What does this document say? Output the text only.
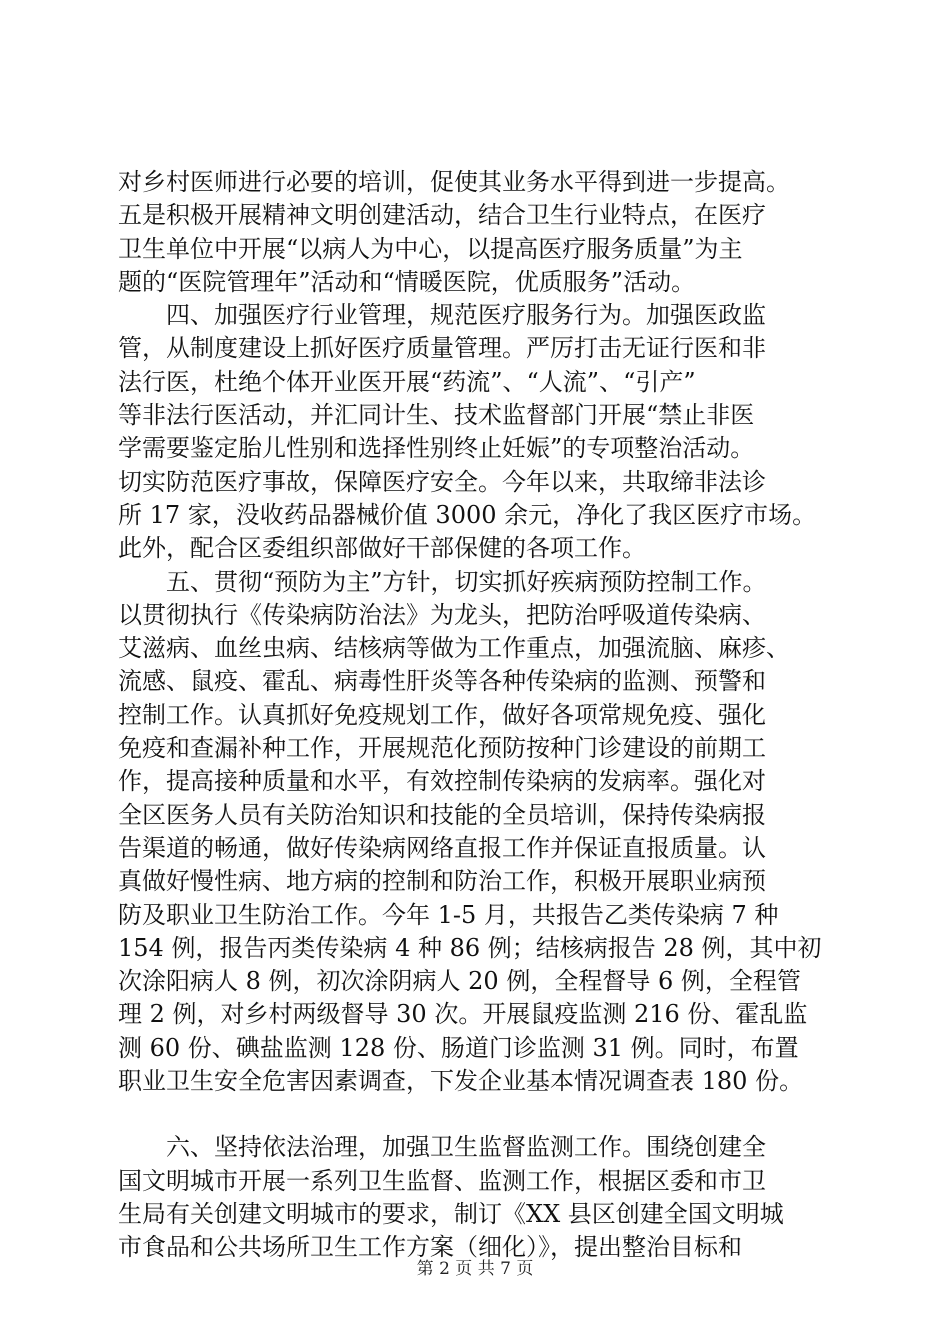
对乡村医师进行必要的培训，促使其业务水平得到进一步提高。
五是积极开展精神文明创建活动，结合卫生行业特点，在医疗
卫生单位中开展“以病人为中心，以提高医疗服务质量”为主
题的“医院管理年”活动和“情暖医院，优质服务”活动。

　　四、加强医疗行业管理，规范医疗服务行为。加强医政监
管，从制度建设上抓好医疗质量管理。严厉打击无证行医和非
法行医，杜绝个体开业医开展“药流”、“人流”、“引产”
等非法行医活动，并汇同计生、技术监督部门开展“禁止非医
学需要鉴定胎儿性别和选择性别终止妊娠”的专项整治活动。
切实防范医疗事故，保障医疗安全。今年以来，共取缔非法诊
所 17 家，没收药品器械价值 3000 余元，净化了我区医疗市场。
此外，配合区委组织部做好干部保健的各项工作。

　　五、贯彻“预防为主”方针，切实抓好疾病预防控制工作。
以贯彻执行《传染病防治法》为龙头，把防治呼吸道传染病、
艾滋病、血丝虫病、结核病等做为工作重点，加强流脑、麻疹、
流感、鼠疫、霍乱、病毒性肝炎等各种传染病的监测、预警和
控制工作。认真抓好免疫规划工作，做好各项常规免疫、强化
免疫和查漏补种工作，开展规范化预防按种门诊建设的前期工
作，提高接种质量和水平，有效控制传染病的发病率。强化对
全区医务人员有关防治知识和技能的全员培训，保持传染病报
告渠道的畅通，做好传染病网络直报工作并保证直报质量。认
真做好慢性病、地方病的控制和防治工作，积极开展职业病预
防及职业卫生防治工作。今年 1-5 月，共报告乙类传染病 7 种
154 例，报告丙类传染病 4 种 86 例；结核病报告 28 例，其中初
次涂阳病人 8 例，初次涂阴病人 20 例，全程督导 6 例，全程管
理 2 例，对乡村两级督导 30 次。开展鼠疫监测 216 份、霍乱监
测 60 份、碘盐监测 128 份、肠道门诊监测 31 例。同时，布置
职业卫生安全危害因素调查，下发企业基本情况调查表 180 份。

　　六、坚持依法治理，加强卫生监督监测工作。围绕创建全
国文明城市开展一系列卫生监督、监测工作，根据区委和市卫
生局有关创建文明城市的要求，制订《XX 县区创建全国文明城
市食品和公共场所卫生工作方案（细化）》，提出整治目标和

第 2 页 共 7 页
